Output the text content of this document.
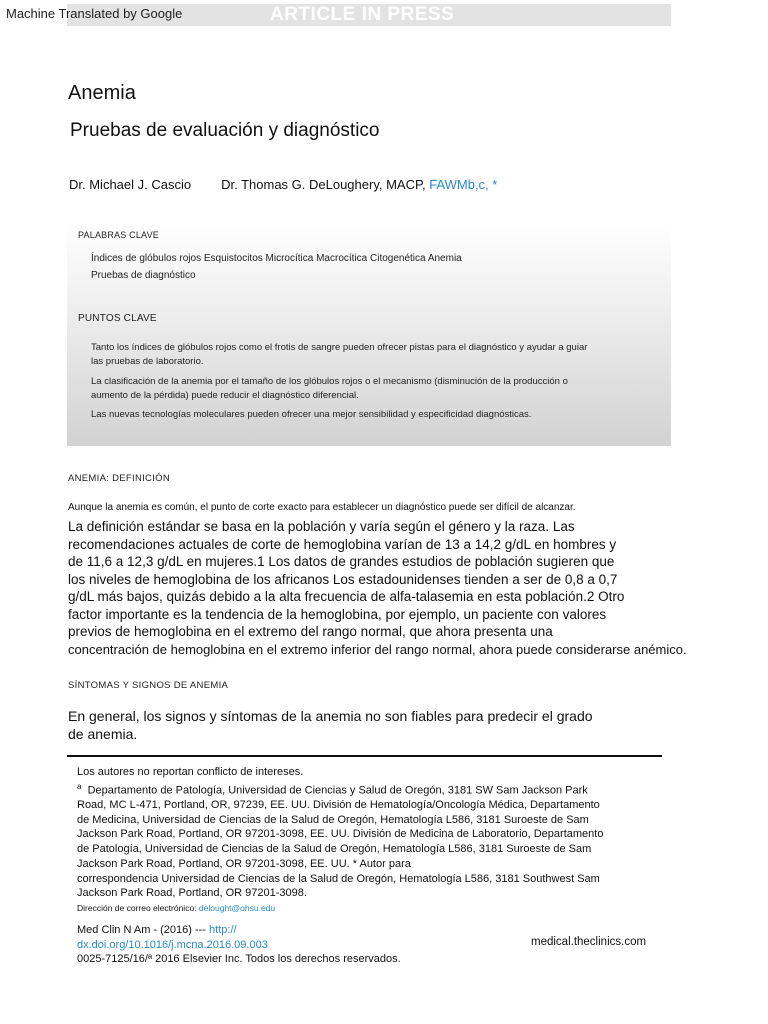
ARTICLE IN PRESS
Machine Translated by Google
Anemia
Pruebas de evaluación y diagnóstico
Dr. Michael J. Cascio Dr. Thomas G. DeLoughery, MACP, FAWMb,c, *
PALABRAS CLAVE
Índices de glóbulos rojos Esquistocitos Microcítica Macrocítica Citogenética Anemia
Pruebas de diagnóstico
PUNTOS CLAVE
Tanto los índices de glóbulos rojos como el frotis de sangre pueden ofrecer pistas para el diagnóstico y ayudar a guiar
las pruebas de laboratorio.
La clasificación de la anemia por el tamaño de los glóbulos rojos o el mecanismo (disminución de la producción o
aumento de la pérdida) puede reducir el diagnóstico diferencial.
Las nuevas tecnologías moleculares pueden ofrecer una mejor sensibilidad y especificidad diagnósticas.
ANEMIA: DEFINICIÓN
Aunque la anemia es común, el punto de corte exacto para establecer un diagnóstico puede ser difícil de alcanzar.
La definición estándar se basa en la población y varía según el género y la raza. Las
recomendaciones actuales de corte de hemoglobina varían de 13 a 14,2 g/dL en hombres y
de 11,6 a 12,3 g/dL en mujeres.1 Los datos de grandes estudios de población sugieren que
los niveles de hemoglobina de los africanos Los estadounidenses tienden a ser de 0,8 a 0,7
g/dL más bajos, quizás debido a la alta frecuencia de alfa-talasemia en esta población.2 Otro
factor importante es la tendencia de la hemoglobina, por ejemplo, un paciente con valores
previos de hemoglobina en el extremo del rango normal, que ahora presenta una
concentración de hemoglobina en el extremo inferior del rango normal, ahora puede considerarse anémico.
SÍNTOMAS Y SIGNOS DE ANEMIA
En general, los signos y síntomas de la anemia no son fiables para predecir el grado
de anemia.
Los autores no reportan conflicto de intereses.
$^a$ Departamento de Patología, Universidad de Ciencias y Salud de Oregón, 3181 SW Sam Jackson Park
Road, MC L-471, Portland, OR, 97239, EE. UU. División de Hematología/Oncología Médica, Departamento
de Medicina, Universidad de Ciencias de la Salud de Oregón, Hematología L586, 3181 Suroeste de Sam
Jackson Park Road, Portland, OR 97201-3098, EE. UU. División de Medicina de Laboratorio, Departamento
de Patología, Universidad de Ciencias de la Salud de Oregón, Hematología L586, 3181 Suroeste de Sam
Jackson Park Road, Portland, OR 97201-3098, EE. UU. * Autor para
correspondencia Universidad de Ciencias de la Salud de Oregón, Hematología L586, 3181 Southwest Sam
Jackson Park Road, Portland, OR 97201-3098.
Dirección de correo electrónico: delought@ohsu.edu
Med Clin N Am - (2016) --- http://
dx.doi.org/10.1016/j.mcna.2016.09.003
0025-7125/16/ª 2016 Elsevier Inc. Todos los derechos reservados.
medical.theclinics.com
